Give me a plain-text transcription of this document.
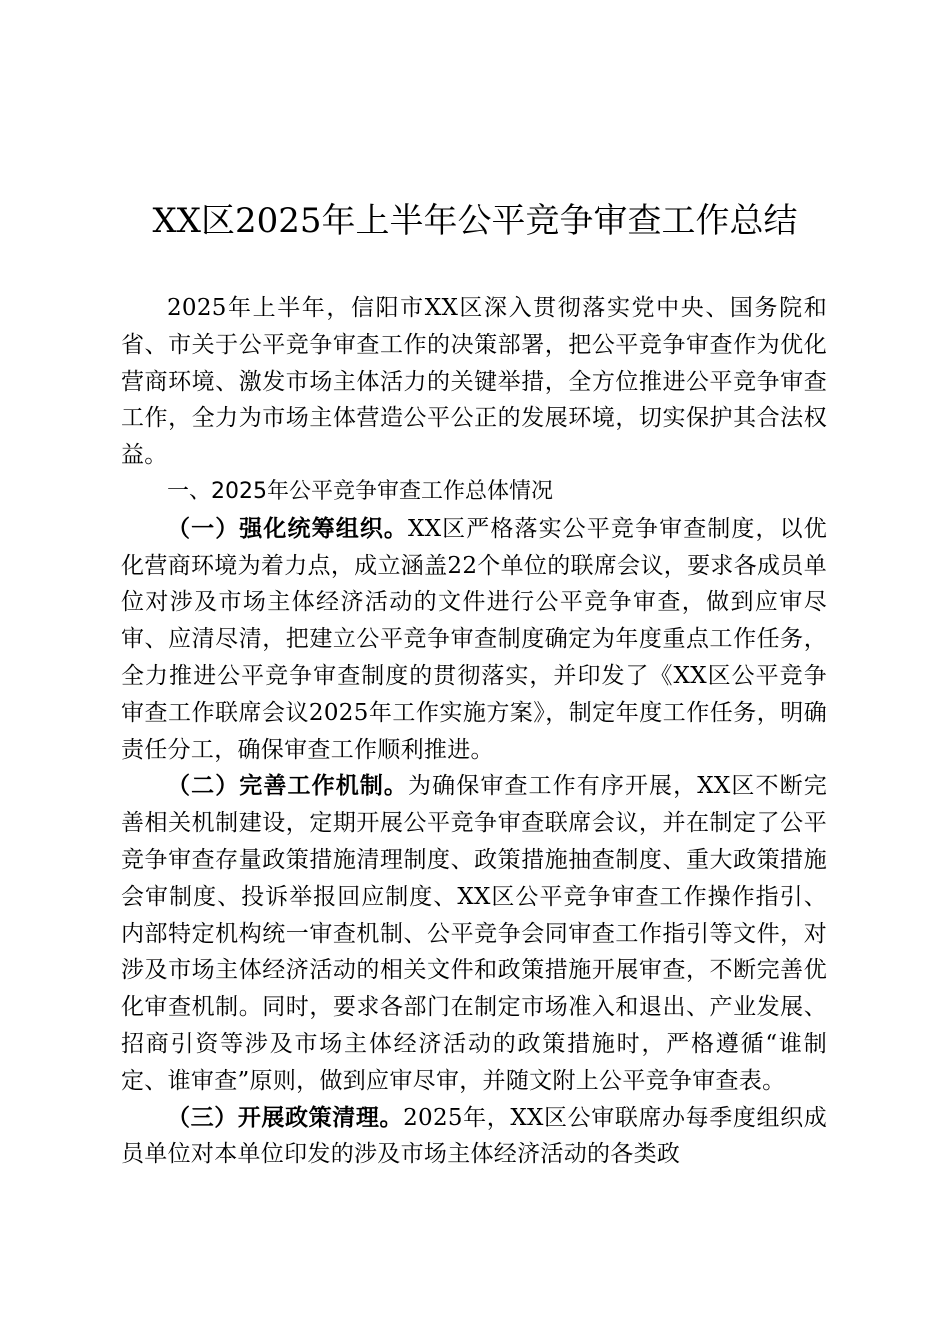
XX区2025年上半年公平竞争审查工作总结

2025年上半年，信阳市XX区深入贯彻落实党中央、国务院和省、市关于公平竞争审查工作的决策部署，把公平竞争审查作为优化营商环境、激发市场主体活力的关键举措，全方位推进公平竞争审查工作，全力为市场主体营造公平公正的发展环境，切实保护其合法权益。

一、2025年公平竞争审查工作总体情况

（一）强化统筹组织。XX区严格落实公平竞争审查制度，以优化营商环境为着力点，成立涵盖22个单位的联席会议，要求各成员单位对涉及市场主体经济活动的文件进行公平竞争审查，做到应审尽审、应清尽清，把建立公平竞争审查制度确定为年度重点工作任务，全力推进公平竞争审查制度的贯彻落实，并印发了《XX区公平竞争审查工作联席会议2025年工作实施方案》，制定年度工作任务，明确责任分工，确保审查工作顺利推进。

（二）完善工作机制。为确保审查工作有序开展，XX区不断完善相关机制建设，定期开展公平竞争审查联席会议，并在制定了公平竞争审查存量政策措施清理制度、政策措施抽查制度、重大政策措施会审制度、投诉举报回应制度、XX区公平竞争审查工作操作指引、内部特定机构统一审查机制、公平竞争会同审查工作指引等文件，对涉及市场主体经济活动的相关文件和政策措施开展审查，不断完善优化审查机制。同时，要求各部门在制定市场准入和退出、产业发展、招商引资等涉及市场主体经济活动的政策措施时，严格遵循“谁制定、谁审查”原则，做到应审尽审，并随文附上公平竞争审查表。

（三）开展政策清理。2025年，XX区公审联席办每季度组织成员单位对本单位印发的涉及市场主体经济活动的各类政
